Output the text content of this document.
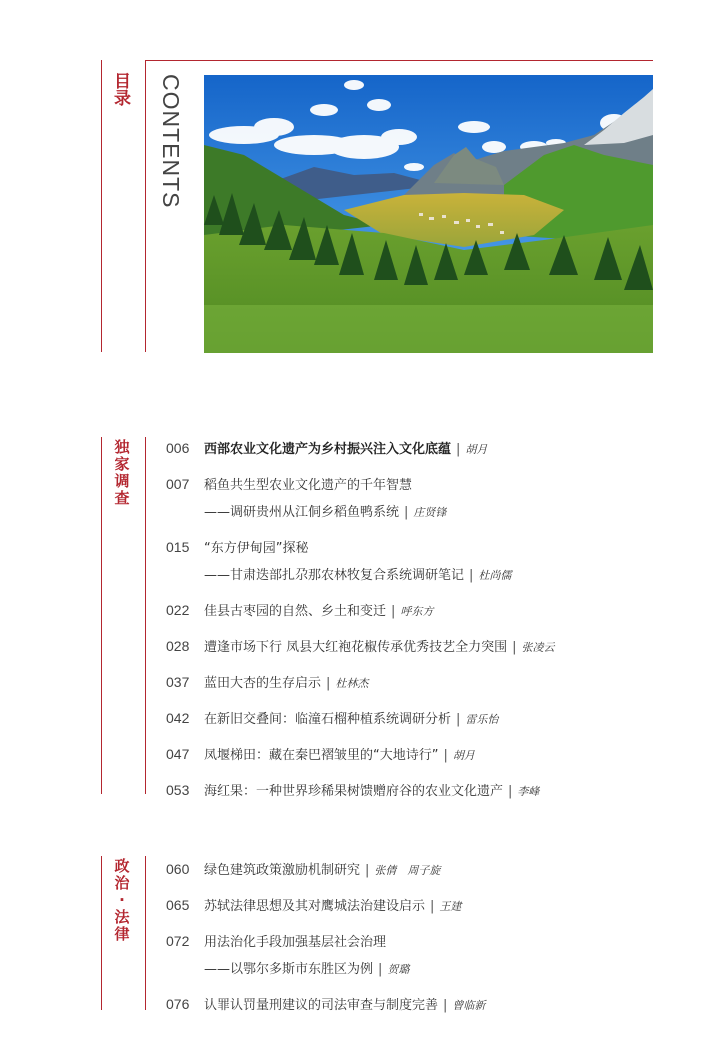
目录 CONTENTS
独家调查
006 西部农业文化遗产为乡村振兴注入文化底蕴 | 胡月
007 稻鱼共生型农业文化遗产的千年智慧
——调研贵州从江侗乡稻鱼鸭系统 | 庄贤锋
015 “东方伊甸园”探秘
——甘肃迭部扎尕那农林牧复合系统调研笔记 | 杜尚儒
022 佳县古枣园的自然、乡土和变迁 | 呼东方
028 遭逢市场下行 凤县大红袍花椒传承优秀技艺全力突围 | 张凌云
037 蓝田大杏的生存启示 | 杜林杰
042 在新旧交叠间：临潼石榴种植系统调研分析 | 雷乐怡
047 凤堰梯田：藏在秦巴褶皱里的“大地诗行” | 胡月
053 海红果：一种世界珍稀果树馈赠府谷的农业文化遗产 | 李峰
政治·法律
060 绿色建筑政策激励机制研究 | 张倩　周子旋
065 苏轼法律思想及其对鹰城法治建设启示 | 王建
072 用法治化手段加强基层社会治理
——以鄂尔多斯市东胜区为例 | 贺璐
076 认罪认罚量刑建议的司法审查与制度完善 | 曾临新
